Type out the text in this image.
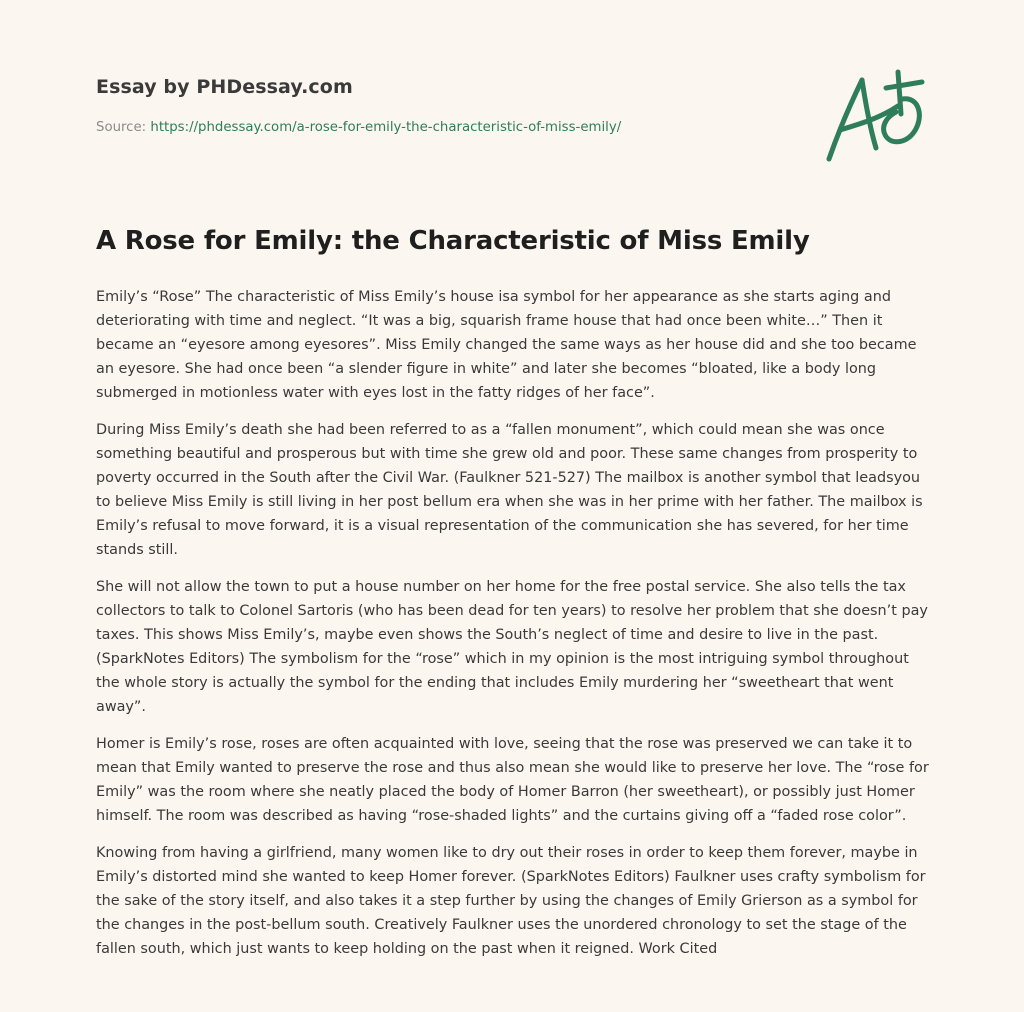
Essay by PHDessay.com
Source: https://phdessay.com/a-rose-for-emily-the-characteristic-of-miss-emily/
A Rose for Emily: the Characteristic of Miss Emily

Emily’s “Rose” The characteristic of Miss Emily’s house isa symbol for her appearance as she starts aging and deteriorating with time and neglect. “It was a big, squarish frame house that had once been white…” Then it became an “eyesore among eyesores”. Miss Emily changed the same ways as her house did and she too became an eyesore. She had once been “a slender figure in white” and later she becomes “bloated, like a body long submerged in motionless water with eyes lost in the fatty ridges of her face”.

During Miss Emily’s death she had been referred to as a “fallen monument”, which could mean she was once something beautiful and prosperous but with time she grew old and poor. These same changes from prosperity to poverty occurred in the South after the Civil War. (Faulkner 521-527) The mailbox is another symbol that leadsyou to believe Miss Emily is still living in her post bellum era when she was in her prime with her father. The mailbox is Emily’s refusal to move forward, it is a visual representation of the communication she has severed, for her time stands still.

She will not allow the town to put a house number on her home for the free postal service. She also tells the tax collectors to talk to Colonel Sartoris (who has been dead for ten years) to resolve her problem that she doesn’t pay taxes. This shows Miss Emily’s, maybe even shows the South’s neglect of time and desire to live in the past. (SparkNotes Editors) The symbolism for the “rose” which in my opinion is the most intriguing symbol throughout the whole story is actually the symbol for the ending that includes Emily murdering her “sweetheart that went away”.

Homer is Emily’s rose, roses are often acquainted with love, seeing that the rose was preserved we can take it to mean that Emily wanted to preserve the rose and thus also mean she would like to preserve her love. The “rose for Emily” was the room where she neatly placed the body of Homer Barron (her sweetheart), or possibly just Homer himself. The room was described as having “rose-shaded lights” and the curtains giving off a “faded rose color”.

Knowing from having a girlfriend, many women like to dry out their roses in order to keep them forever, maybe in Emily’s distorted mind she wanted to keep Homer forever. (SparkNotes Editors) Faulkner uses crafty symbolism for the sake of the story itself, and also takes it a step further by using the changes of Emily Grierson as a symbol for the changes in the post-bellum south. Creatively Faulkner uses the unordered chronology to set the stage of the fallen south, which just wants to keep holding on the past when it reigned. Work Cited
